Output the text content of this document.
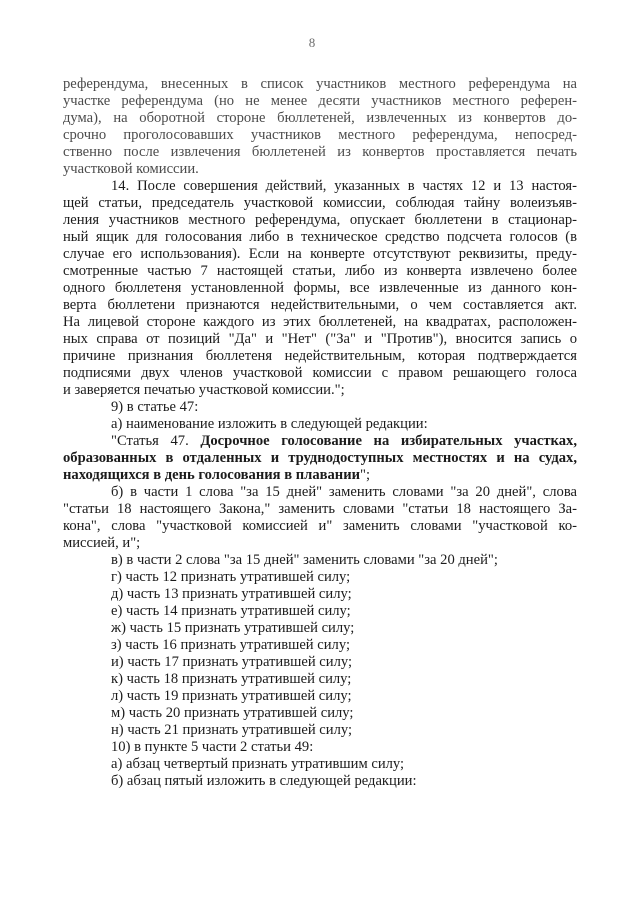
8
референдума, внесенных в список участников местного референдума на
участке референдума (но не менее десяти участников местного референ-
дума), на оборотной стороне бюллетеней, извлеченных из конвертов до-
срочно проголосовавших участников местного референдума, непосред-
ственно после извлечения бюллетеней из конвертов проставляется печать
участковой комиссии.
14. После совершения действий, указанных в частях 12 и 13 настоя-
щей статьи, председатель участковой комиссии, соблюдая тайну волеизъяв-
ления участников местного референдума, опускает бюллетени в стационар-
ный ящик для голосования либо в техническое средство подсчета голосов (в
случае его использования). Если на конверте отсутствуют реквизиты, преду-
смотренные частью 7 настоящей статьи, либо из конверта извлечено более
одного бюллетеня установленной формы, все извлеченные из данного кон-
верта бюллетени признаются недействительными, о чем составляется акт.
На лицевой стороне каждого из этих бюллетеней, на квадратах, расположен-
ных справа от позиций "Да" и "Нет" ("За" и "Против"), вносится запись о
причине признания бюллетеня недействительным, которая подтверждается
подписями двух членов участковой комиссии с правом решающего голоса
и заверяется печатью участковой комиссии.";
9) в статье 47:
а) наименование изложить в следующей редакции:
"Статья 47. Досрочное голосование на избирательных участках,
образованных в отдаленных и труднодоступных местностях и на судах,
находящихся в день голосования в плавании";
б) в части 1 слова "за 15 дней" заменить словами "за 20 дней", слова
"статьи 18 настоящего Закона," заменить словами "статьи 18 настоящего За-
кона", слова "участковой комиссией и" заменить словами "участковой ко-
миссией, и";
в) в части 2 слова "за 15 дней" заменить словами "за 20 дней";
г) часть 12 признать утратившей силу;
д) часть 13 признать утратившей силу;
е) часть 14 признать утратившей силу;
ж) часть 15 признать утратившей силу;
з) часть 16 признать утратившей силу;
и) часть 17 признать утратившей силу;
к) часть 18 признать утратившей силу;
л) часть 19 признать утратившей силу;
м) часть 20 признать утратившей силу;
н) часть 21 признать утратившей силу;
10) в пункте 5 части 2 статьи 49:
а) абзац четвертый признать утратившим силу;
б) абзац пятый изложить в следующей редакции:
